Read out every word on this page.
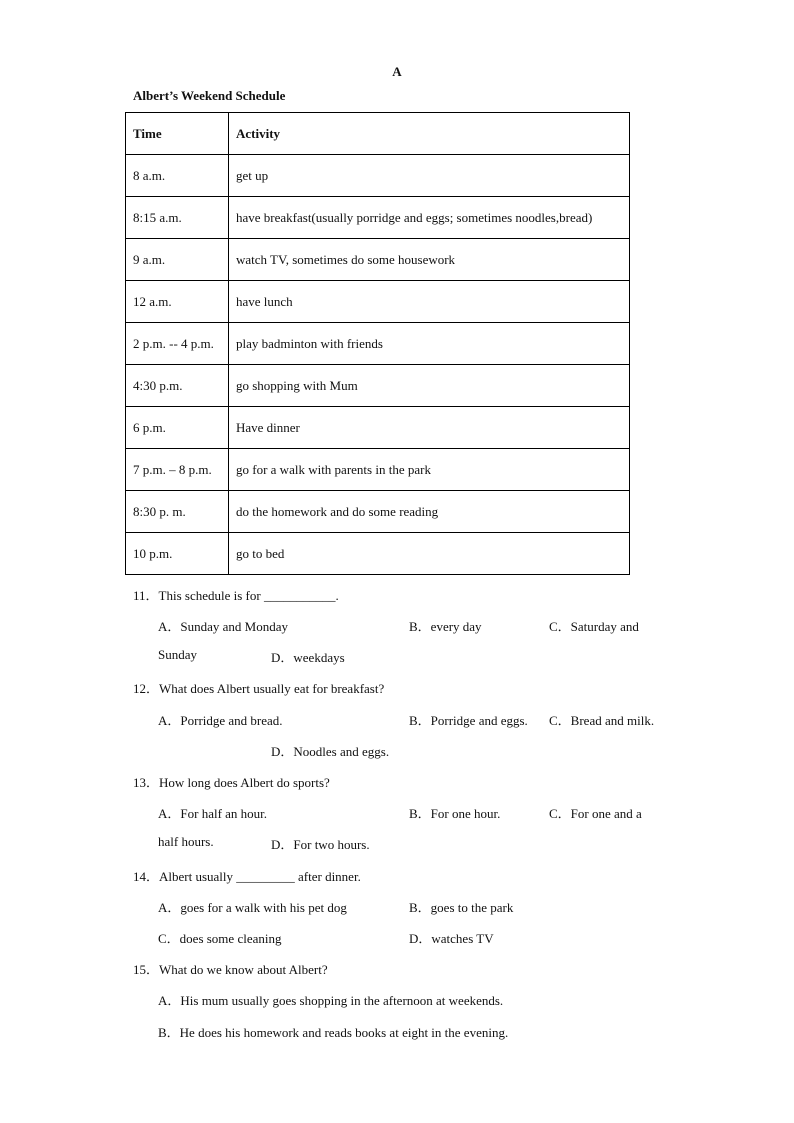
A
Albert’s Weekend Schedule
Time	Activity
8 a.m.	get up
8:15 a.m.	have breakfast(usually porridge and eggs; sometimes noodles,bread)
9 a.m.	watch TV, sometimes do some housework
12 a.m.	have lunch
2 p.m. -- 4 p.m.	play badminton with friends
4:30 p.m.	go shopping with Mum
6 p.m.	Have dinner
7 p.m. – 8 p.m.	go for a walk with parents in the park
8:30 p. m.	do the homework and do some reading
10 p.m.	go to bed
11．This schedule is for ___________.
A．Sunday and Monday	B．every day	C．Saturday and
Sunday	D．weekdays
12．What does Albert usually eat for breakfast?
A．Porridge and bread.	B．Porridge and eggs. C．Bread and milk.
D．Noodles and eggs.
13．How long does Albert do sports?
A．For half an hour.	B．For one hour.	C．For one and a
half hours.	D．For two hours.
14．Albert usually _________ after dinner.
A．goes for a walk with his pet dog	B．goes to the park
C．does some cleaning	D．watches TV
15．What do we know about Albert?
A．His mum usually goes shopping in the afternoon at weekends.
B．He does his homework and reads books at eight in the evening.
